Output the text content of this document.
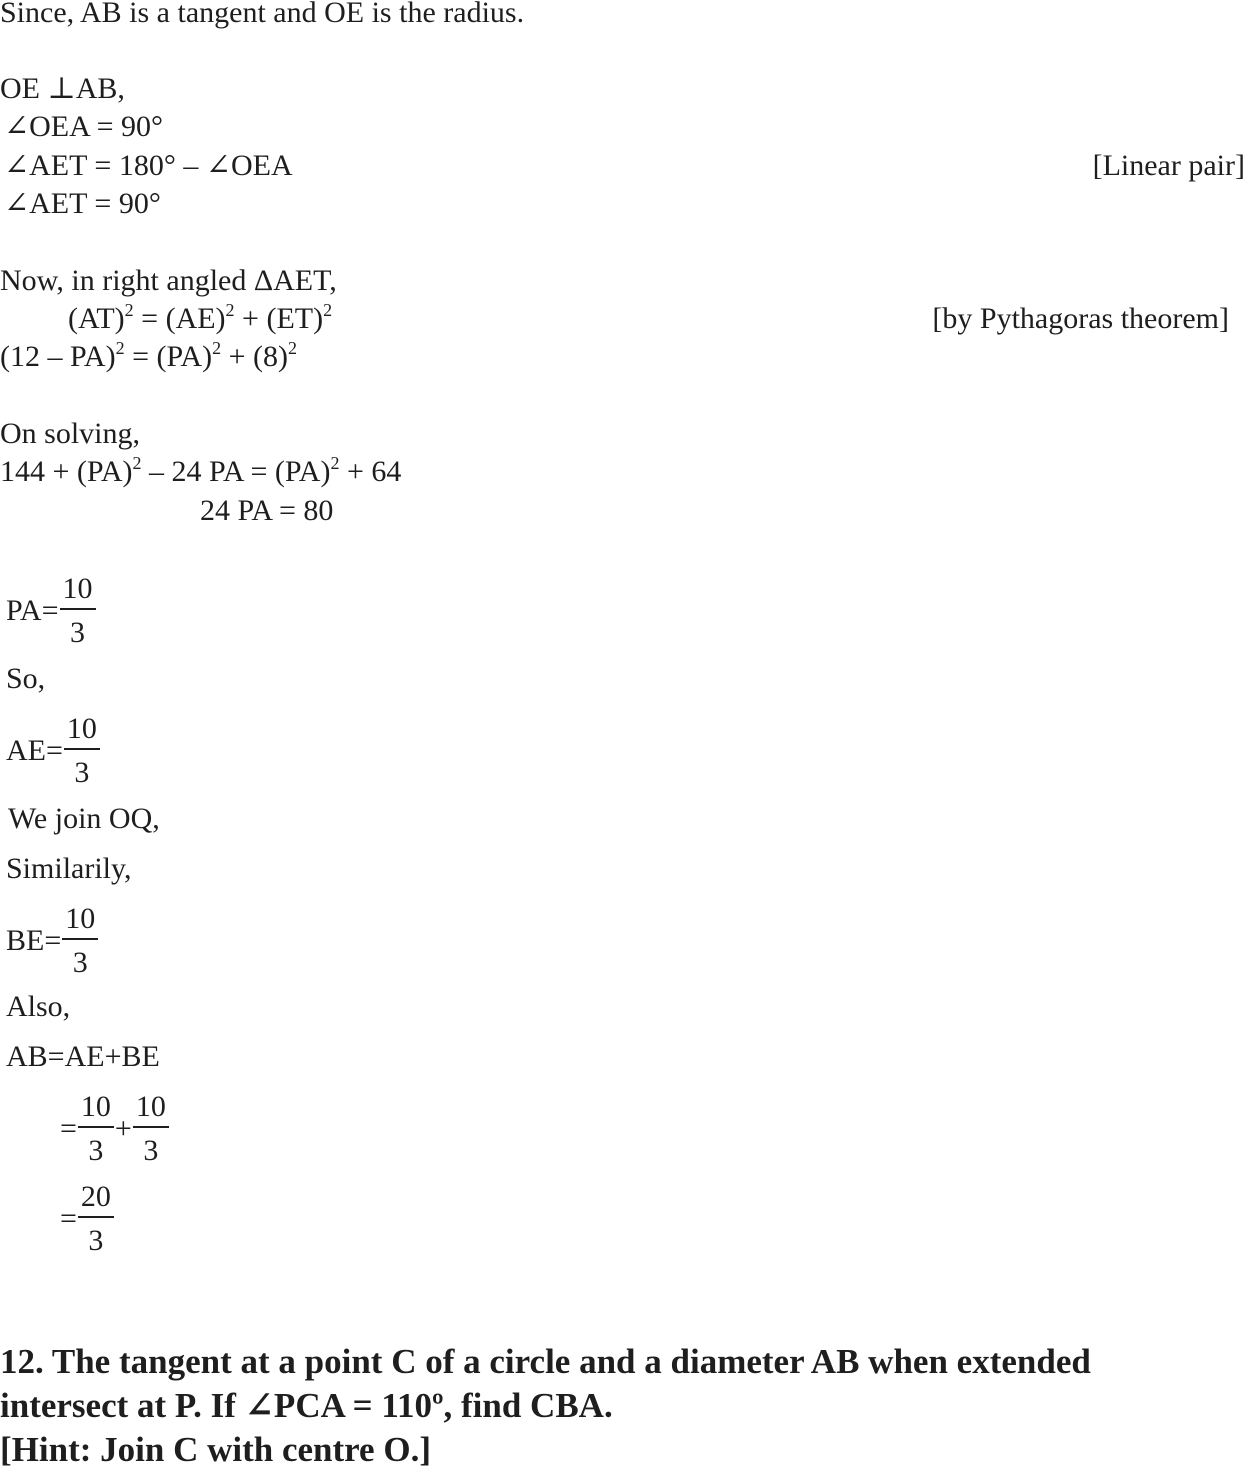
Since, AB is a tangent and OE is the radius.
OE ⊥AB,
∠OEA = 90°
∠AET = 180° – ∠OEA	[Linear pair]
∠AET = 90°
Now, in right angled ΔAET,
(AT)$^2$ = (AE)$^2$ + (ET)$^2$	[by Pythagoras theorem]
$(12 - PA)^2 = (PA)^2 + (8)^2$
On solving,
144 + (PA)$^2$ – 24 PA = (PA)$^2$ + 64
24 PA = 80
$PA= \frac{10}{3}$
So,
$AE= \frac{10}{3}$
We join OQ,
Similarily,
$BE= \frac{10}{3}$
Also,
AB=AE+BE
= $\frac{10}{3} + \frac{10}{3}$
= $\frac{20}{3}$
12. The tangent at a point C of a circle and a diameter AB when extended
intersect at P. If ∠PCA = 110º, find CBA.
[Hint: Join C with centre O.]
